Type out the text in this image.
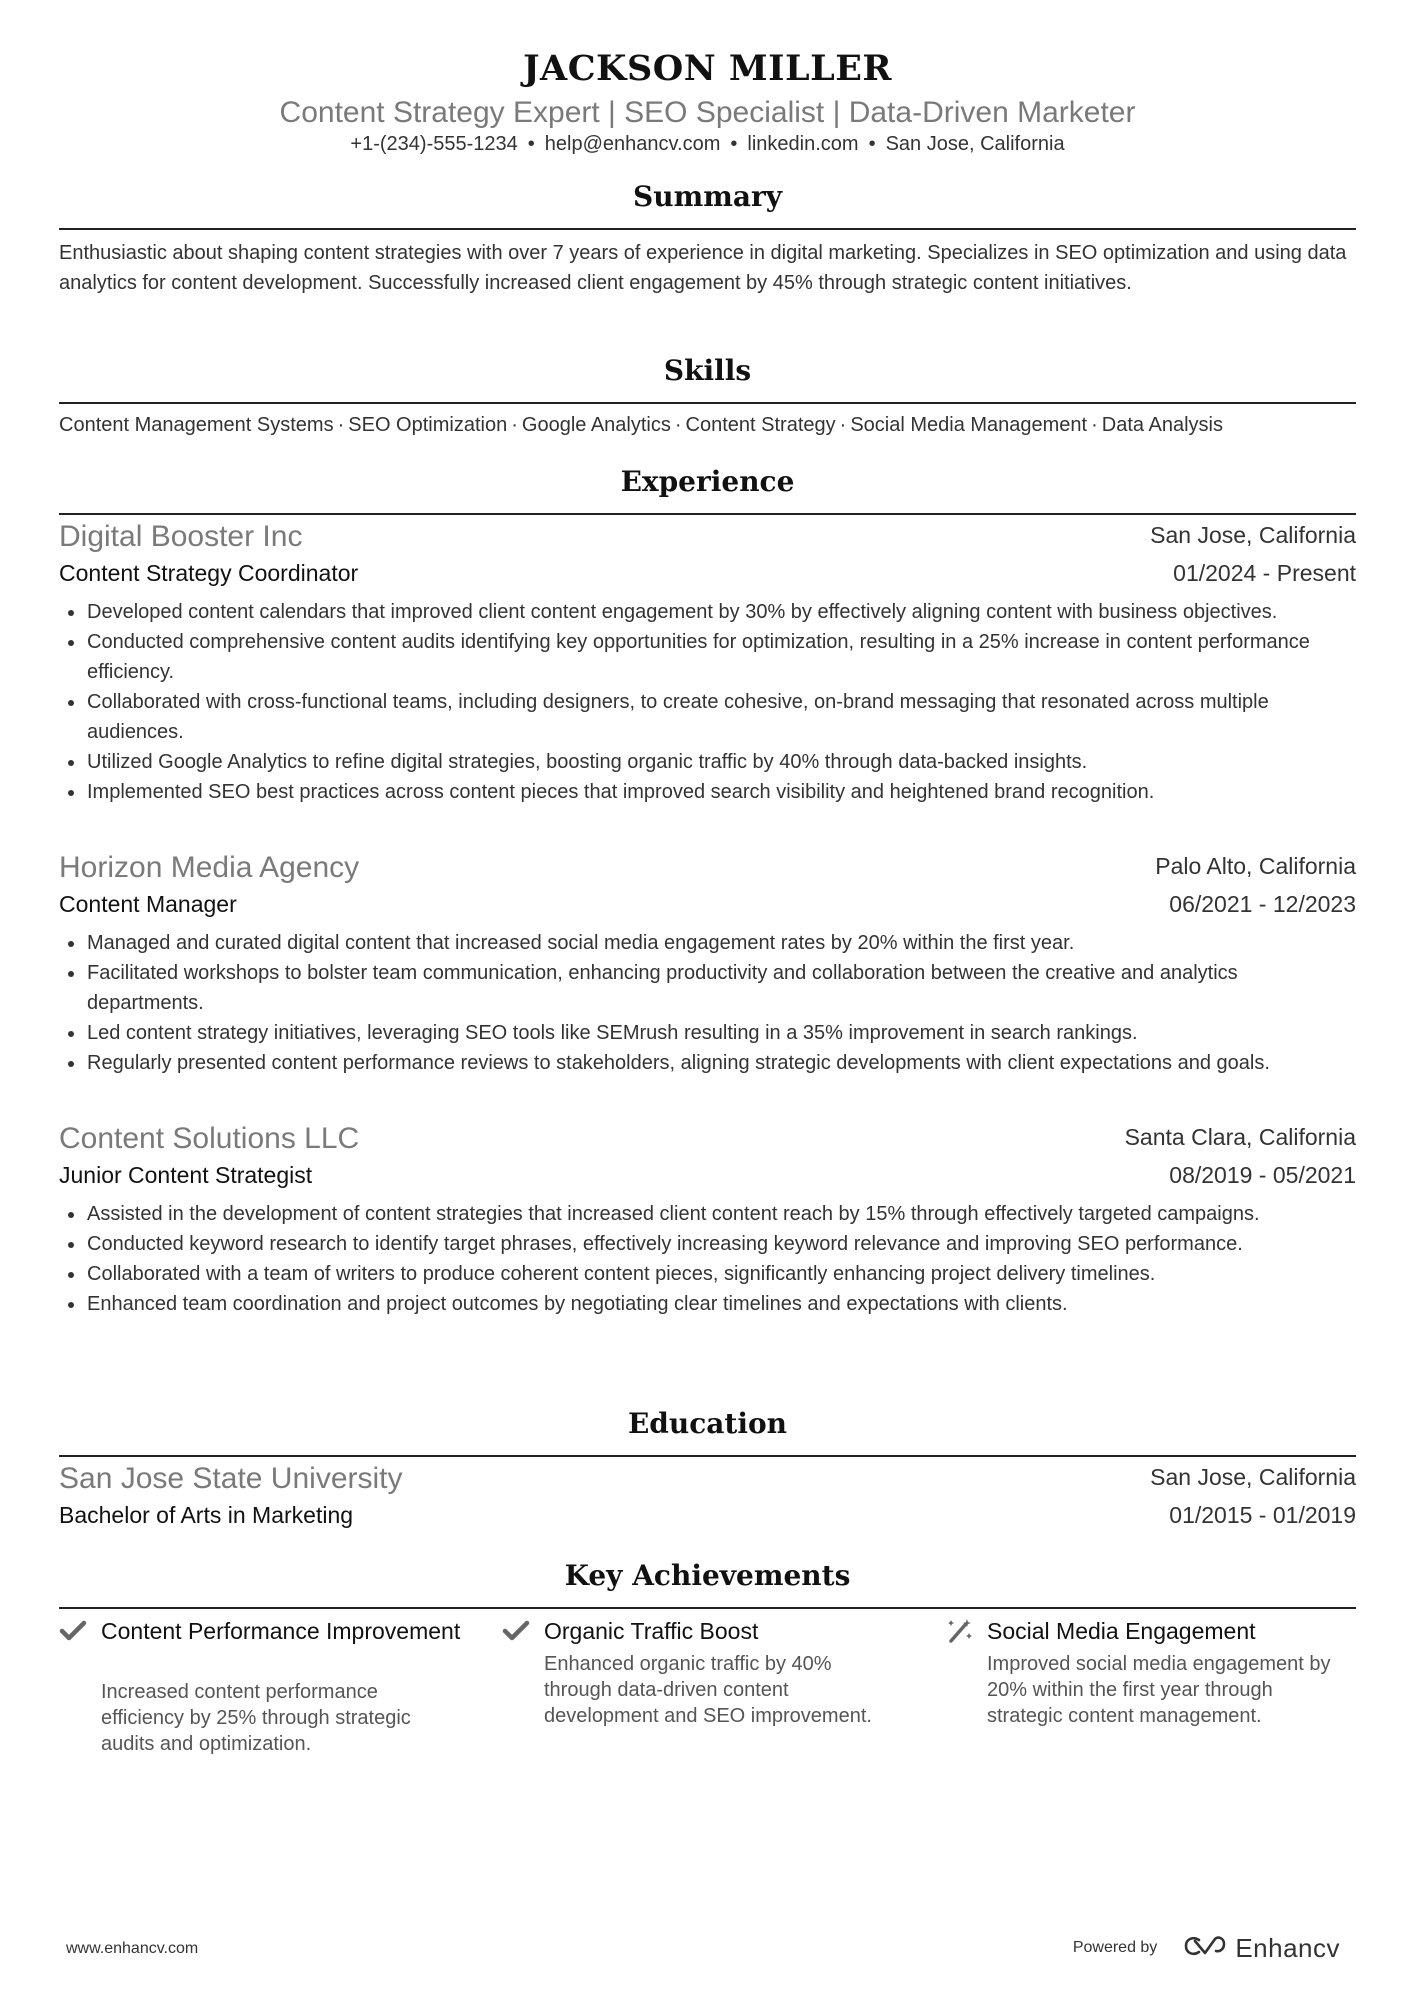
JACKSON MILLER
Content Strategy Expert | SEO Specialist | Data-Driven Marketer
+1-(234)-555-1234 • help@enhancv.com • linkedin.com • San Jose, California
Summary
Enthusiastic about shaping content strategies with over 7 years of experience in digital marketing. Specializes in SEO optimization and using data analytics for content development. Successfully increased client engagement by 45% through strategic content initiatives.
Skills
Content Management Systems · SEO Optimization · Google Analytics · Content Strategy · Social Media Management · Data Analysis
Experience
Digital Booster Inc	San Jose, California
Content Strategy Coordinator	01/2024 - Present
Developed content calendars that improved client content engagement by 30% by effectively aligning content with business objectives.
Conducted comprehensive content audits identifying key opportunities for optimization, resulting in a 25% increase in content performance efficiency.
Collaborated with cross-functional teams, including designers, to create cohesive, on-brand messaging that resonated across multiple audiences.
Utilized Google Analytics to refine digital strategies, boosting organic traffic by 40% through data-backed insights.
Implemented SEO best practices across content pieces that improved search visibility and heightened brand recognition.
Horizon Media Agency	Palo Alto, California
Content Manager	06/2021 - 12/2023
Managed and curated digital content that increased social media engagement rates by 20% within the first year.
Facilitated workshops to bolster team communication, enhancing productivity and collaboration between the creative and analytics departments.
Led content strategy initiatives, leveraging SEO tools like SEMrush resulting in a 35% improvement in search rankings.
Regularly presented content performance reviews to stakeholders, aligning strategic developments with client expectations and goals.
Content Solutions LLC	Santa Clara, California
Junior Content Strategist	08/2019 - 05/2021
Assisted in the development of content strategies that increased client content reach by 15% through effectively targeted campaigns.
Conducted keyword research to identify target phrases, effectively increasing keyword relevance and improving SEO performance.
Collaborated with a team of writers to produce coherent content pieces, significantly enhancing project delivery timelines.
Enhanced team coordination and project outcomes by negotiating clear timelines and expectations with clients.
Education
San Jose State University	San Jose, California
Bachelor of Arts in Marketing	01/2015 - 01/2019
Key Achievements
Content Performance Improvement
Increased content performance efficiency by 25% through strategic audits and optimization.
Organic Traffic Boost
Enhanced organic traffic by 40% through data-driven content development and SEO improvement.
Social Media Engagement
Improved social media engagement by 20% within the first year through strategic content management.
www.enhancv.com	Powered by	Enhancv
